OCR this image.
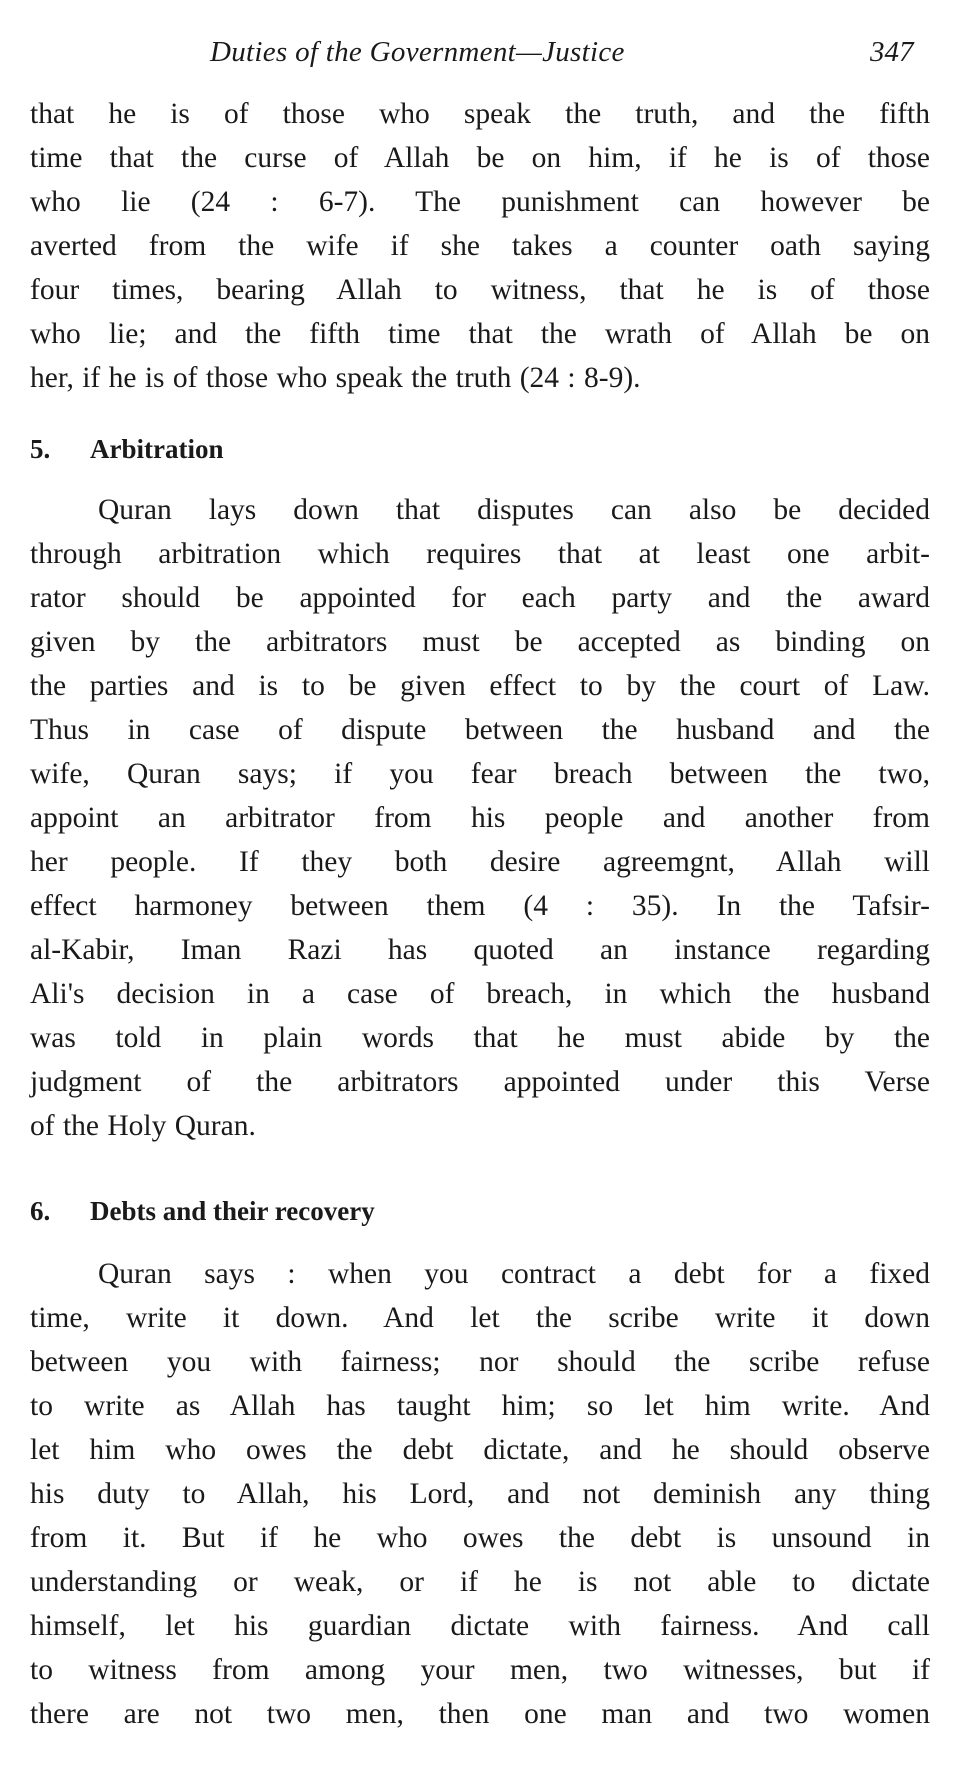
Duties of the Government—Justice	347
that he is of those who speak the truth, and the fifth
time that the curse of Allah be on him, if he is of those
who lie (24 : 6-7). The punishment can however be
averted from the wife if she takes a counter oath saying
four times, bearing Allah to witness, that he is of those
who lie; and the fifth time that the wrath of Allah be on
her, if he is of those who speak the truth (24 : 8-9).
5. Arbitration
Quran lays down that disputes can also be decided
through arbitration which requires that at least one arbit-
rator should be appointed for each party and the award
given by the arbitrators must be accepted as binding on
the parties and is to be given effect to by the court of Law.
Thus in case of dispute between the husband and the
wife, Quran says; if you fear breach between the two,
appoint an arbitrator from his people and another from
her people. If they both desire agreemgnt, Allah will
effect harmoney between them (4 : 35). In the Tafsir-
al-Kabir, Iman Razi has quoted an instance regarding
Ali's decision in a case of breach, in which the husband
was told in plain words that he must abide by the
judgment of the arbitrators appointed under this Verse
of the Holy Quran.
6. Debts and their recovery
Quran says : when you contract a debt for a fixed
time, write it down. And let the scribe write it down
between you with fairness; nor should the scribe refuse
to write as Allah has taught him; so let him write. And
let him who owes the debt dictate, and he should observe
his duty to Allah, his Lord, and not deminish any thing
from it. But if he who owes the debt is unsound in
understanding or weak, or if he is not able to dictate
himself, let his guardian dictate with fairness. And call
to witness from among your men, two witnesses, but if
there are not two men, then one man and two women
